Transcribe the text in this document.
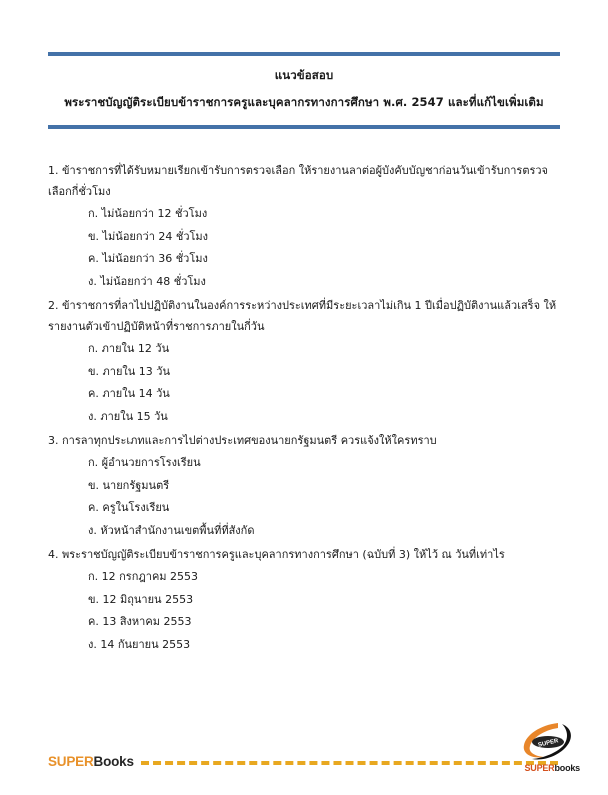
แนวข้อสอบ
พระราชบัญญัติระเบียบข้าราชการครูและบุคลากรทางการศึกษา พ.ศ. 2547 และที่แก้ไขเพิ่มเติม

1. ข้าราชการที่ได้รับหมายเรียกเข้ารับการตรวจเลือก ให้รายงานลาต่อผู้บังคับบัญชาก่อนวันเข้ารับการตรวจเลือกกี่ชั่วโมง

ก. ไม่น้อยกว่า 12 ชั่วโมง
ข. ไม่น้อยกว่า 24 ชั่วโมง
ค. ไม่น้อยกว่า 36 ชั่วโมง
ง. ไม่น้อยกว่า 48 ชั่วโมง

2. ข้าราชการที่ลาไปปฏิบัติงานในองค์การระหว่างประเทศที่มีระยะเวลาไม่เกิน 1 ปีเมื่อปฏิบัติงานแล้วเสร็จ ให้รายงานตัวเข้าปฏิบัติหน้าที่ราชการภายในกี่วัน

ก. ภายใน 12 วัน
ข. ภายใน 13 วัน
ค. ภายใน 14 วัน
ง. ภายใน 15 วัน

3. การลาทุกประเภทและการไปต่างประเทศของนายกรัฐมนตรี ควรแจ้งให้ใครทราบ

ก. ผู้อำนวยการโรงเรียน
ข. นายกรัฐมนตรี
ค. ครูในโรงเรียน
ง. หัวหน้าสำนักงานเขตพื้นที่ที่สังกัด

4. พระราชบัญญัติระเบียบข้าราชการครูและบุคลากรทางการศึกษา (ฉบับที่ 3) ให้ไว้ ณ วันที่เท่าไร

ก. 12 กรกฎาคม 2553
ข. 12 มิถุนายน 2553
ค. 13 สิงหาคม 2553
ง. 14 กันยายน 2553
SUPERBooks
SUPER
SUPERbooks
